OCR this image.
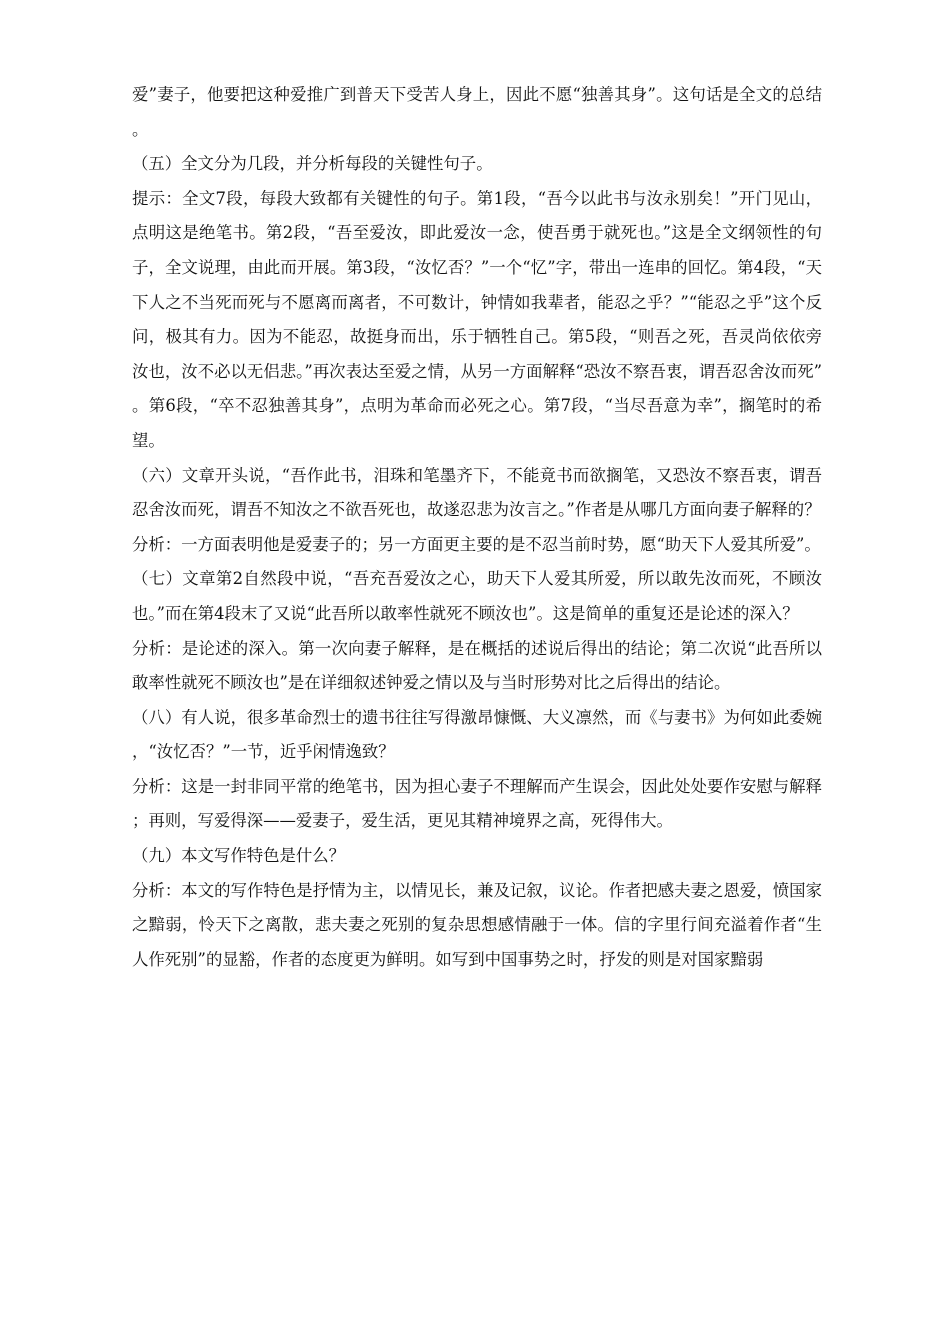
爱”妻子，他要把这种爱推广到普天下受苦人身上，因此不愿“独善其身”。这句话是全文的总结。

（五）全文分为几段，并分析每段的关键性句子。

提示：全文7段，每段大致都有关键性的句子。第1段，“吾今以此书与汝永别矣！”开门见山，点明这是绝笔书。第2段，“吾至爱汝，即此爱汝一念，使吾勇于就死也。”这是全文纲领性的句子，全文说理，由此而开展。第3段，“汝忆否？”一个“忆”字，带出一连串的回忆。第4段，“天下人之不当死而死与不愿离而离者，不可数计，钟情如我辈者，能忍之乎？”“能忍之乎”这个反问，极其有力。因为不能忍，故挺身而出，乐于牺牲自己。第5段，“则吾之死，吾灵尚依依旁汝也，汝不必以无侣悲。”再次表达至爱之情，从另一方面解释“恐汝不察吾衷，谓吾忍舍汝而死”。第6段，“卒不忍独善其身”，点明为革命而必死之心。第7段，“当尽吾意为幸”，搁笔时的希望。

（六）文章开头说，“吾作此书，泪珠和笔墨齐下，不能竟书而欲搁笔，又恐汝不察吾衷，谓吾忍舍汝而死，谓吾不知汝之不欲吾死也，故遂忍悲为汝言之。”作者是从哪几方面向妻子解释的？

分析：一方面表明他是爱妻子的；另一方面更主要的是不忍当前时势，愿“助天下人爱其所爱”。

（七）文章第2自然段中说，“吾充吾爱汝之心，助天下人爱其所爱，所以敢先汝而死，不顾汝也。”而在第4段末了又说“此吾所以敢率性就死不顾汝也”。这是简单的重复还是论述的深入？

分析：是论述的深入。第一次向妻子解释，是在概括的述说后得出的结论；第二次说“此吾所以敢率性就死不顾汝也”是在详细叙述钟爱之情以及与当时形势对比之后得出的结论。

（八）有人说，很多革命烈士的遗书往往写得激昂慷慨、大义凛然，而《与妻书》为何如此委婉，“汝忆否？”一节，近乎闲情逸致？

分析：这是一封非同平常的绝笔书，因为担心妻子不理解而产生误会，因此处处要作安慰与解释；再则，写爱得深——爱妻子，爱生活，更见其精神境界之高，死得伟大。

（九）本文写作特色是什么？

分析：本文的写作特色是抒情为主，以情见长，兼及记叙，议论。作者把感夫妻之恩爱，愤国家之黯弱，怜天下之离散，悲夫妻之死别的复杂思想感情融于一体。信的字里行间充溢着作者“生人作死别”的显豁，作者的态度更为鲜明。如写到中国事势之时，抒发的则是对国家黯弱
